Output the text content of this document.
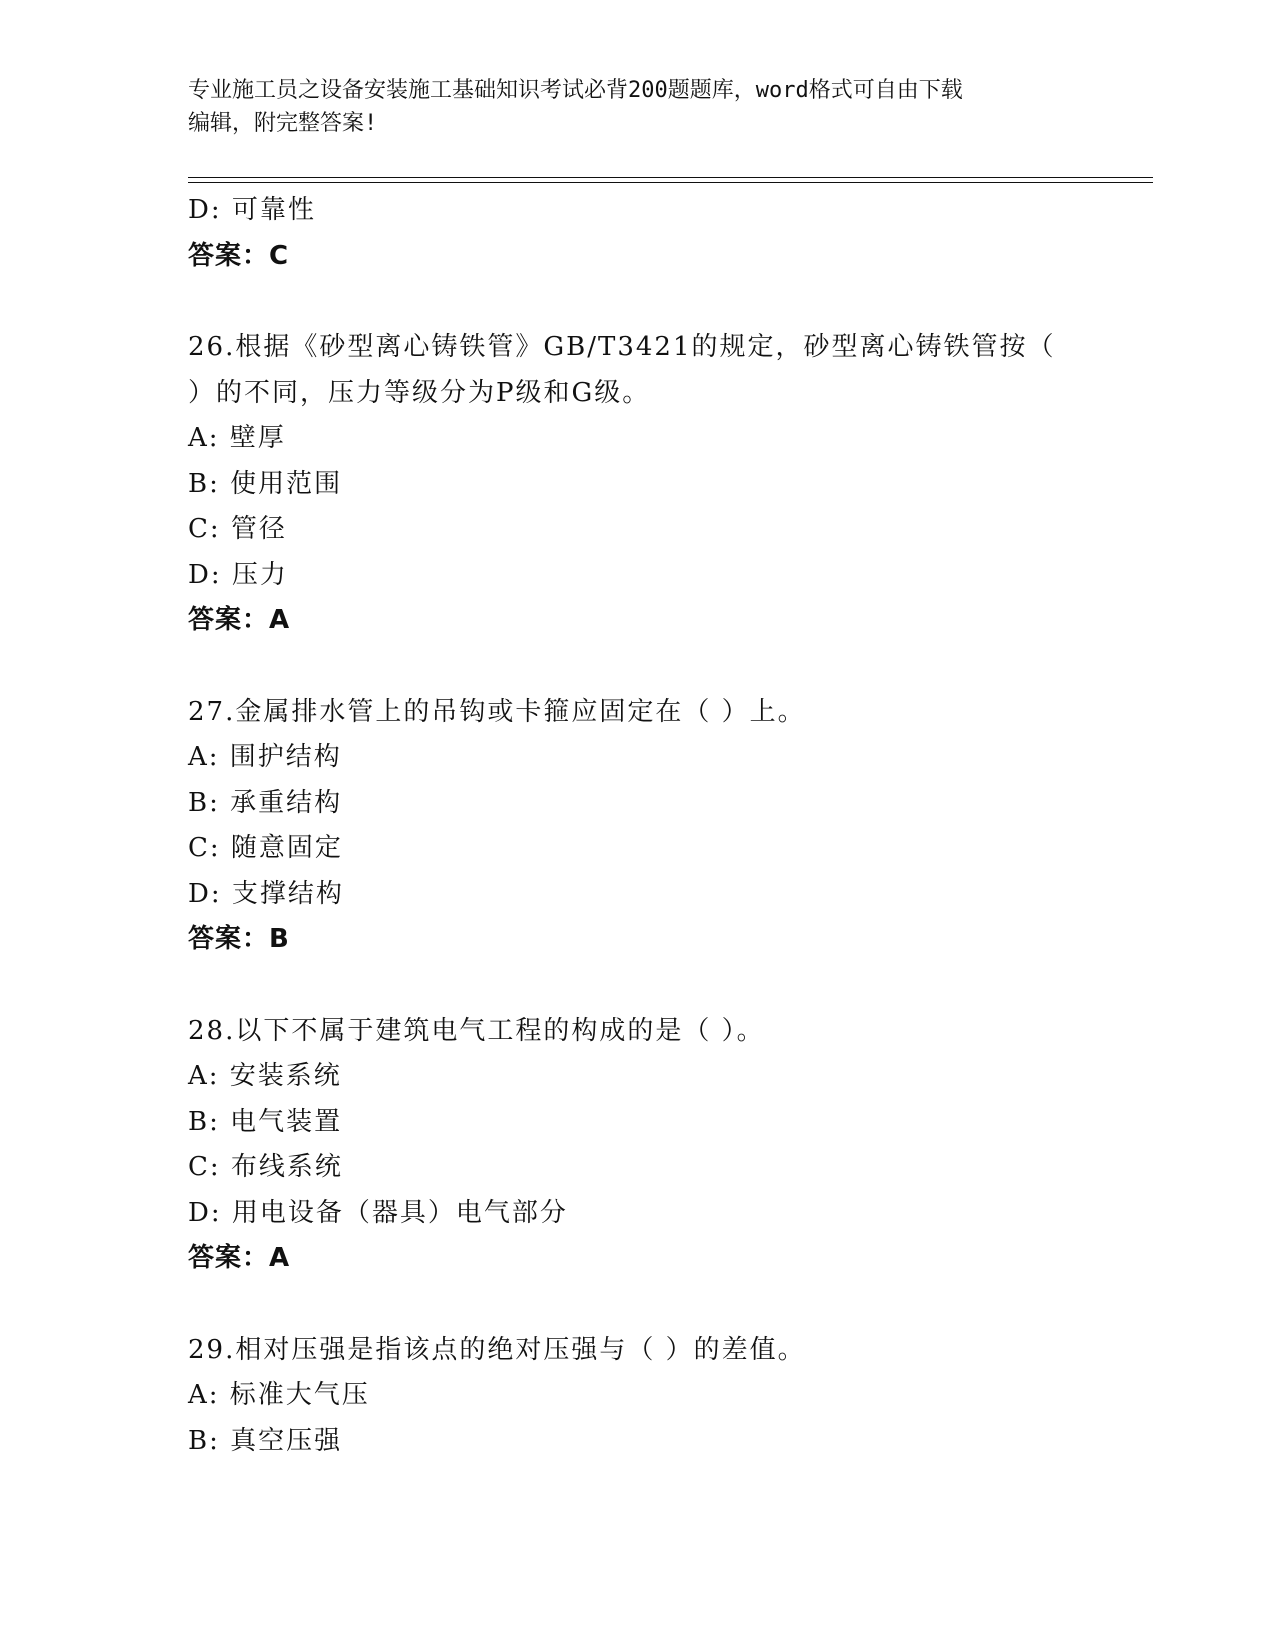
专业施工员之设备安装施工基础知识考试必背200题题库，word格式可自由下载
编辑，附完整答案!
D: 可靠性
答案：C
26.根据《砂型离心铸铁管》GB/T3421的规定，砂型离心铸铁管按（
）的不同，压力等级分为P级和G级。
A: 壁厚
B: 使用范围
C: 管径
D: 压力
答案：A
27.金属排水管上的吊钩或卡箍应固定在（ ）上。
A: 围护结构
B: 承重结构
C: 随意固定
D: 支撑结构
答案：B
28.以下不属于建筑电气工程的构成的是（ ）。
A: 安装系统
B: 电气装置
C: 布线系统
D: 用电设备（器具）电气部分
答案：A
29.相对压强是指该点的绝对压强与（ ）的差值。
A: 标准大气压
B: 真空压强
